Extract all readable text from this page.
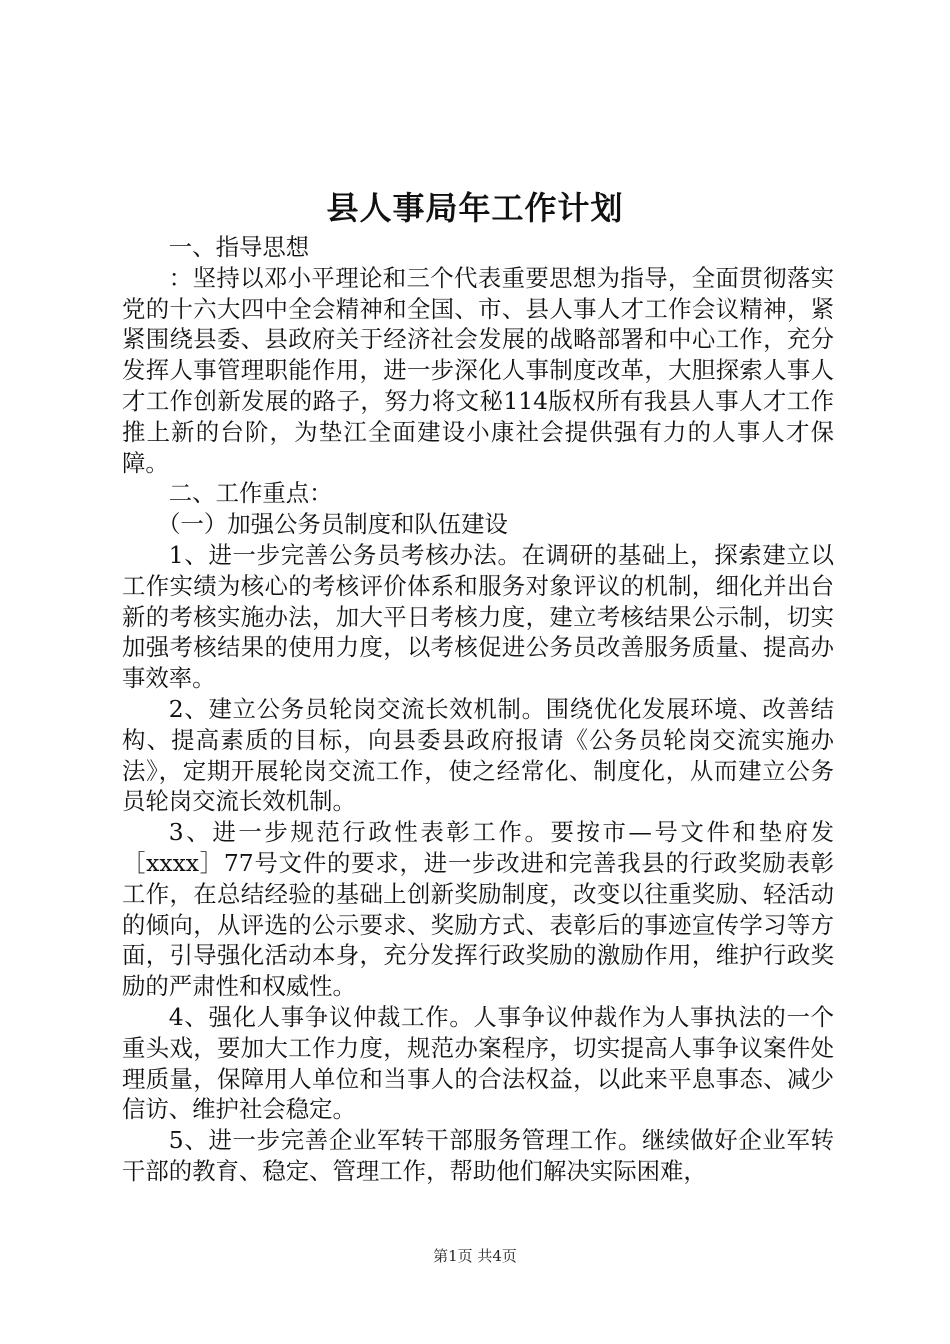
县人事局年工作计划

一、指导思想

：坚持以邓小平理论和三个代表重要思想为指导，全面贯彻落实党的十六大四中全会精神和全国、市、县人事人才工作会议精神，紧紧围绕县委、县政府关于经济社会发展的战略部署和中心工作，充分发挥人事管理职能作用，进一步深化人事制度改革，大胆探索人事人才工作创新发展的路子，努力将文秘114版权所有我县人事人才工作推上新的台阶，为垫江全面建设小康社会提供强有力的人事人才保障。

二、工作重点：

（一）加强公务员制度和队伍建设

1、进一步完善公务员考核办法。在调研的基础上，探索建立以工作实绩为核心的考核评价体系和服务对象评议的机制，细化并出台新的考核实施办法，加大平日考核力度，建立考核结果公示制，切实加强考核结果的使用力度，以考核促进公务员改善服务质量、提高办事效率。

2、建立公务员轮岗交流长效机制。围绕优化发展环境、改善结构、提高素质的目标，向县委县政府报请《公务员轮岗交流实施办法》，定期开展轮岗交流工作，使之经常化、制度化，从而建立公务员轮岗交流长效机制。

3、进一步规范行政性表彰工作。要按市—号文件和垫府发［xxxx］77号文件的要求，进一步改进和完善我县的行政奖励表彰工作，在总结经验的基础上创新奖励制度，改变以往重奖励、轻活动的倾向，从评选的公示要求、奖励方式、表彰后的事迹宣传学习等方面，引导强化活动本身，充分发挥行政奖励的激励作用，维护行政奖励的严肃性和权威性。

4、强化人事争议仲裁工作。人事争议仲裁作为人事执法的一个重头戏，要加大工作力度，规范办案程序，切实提高人事争议案件处理质量，保障用人单位和当事人的合法权益，以此来平息事态、减少信访、维护社会稳定。

5、进一步完善企业军转干部服务管理工作。继续做好企业军转干部的教育、稳定、管理工作，帮助他们解决实际困难，

第1页 共4页
